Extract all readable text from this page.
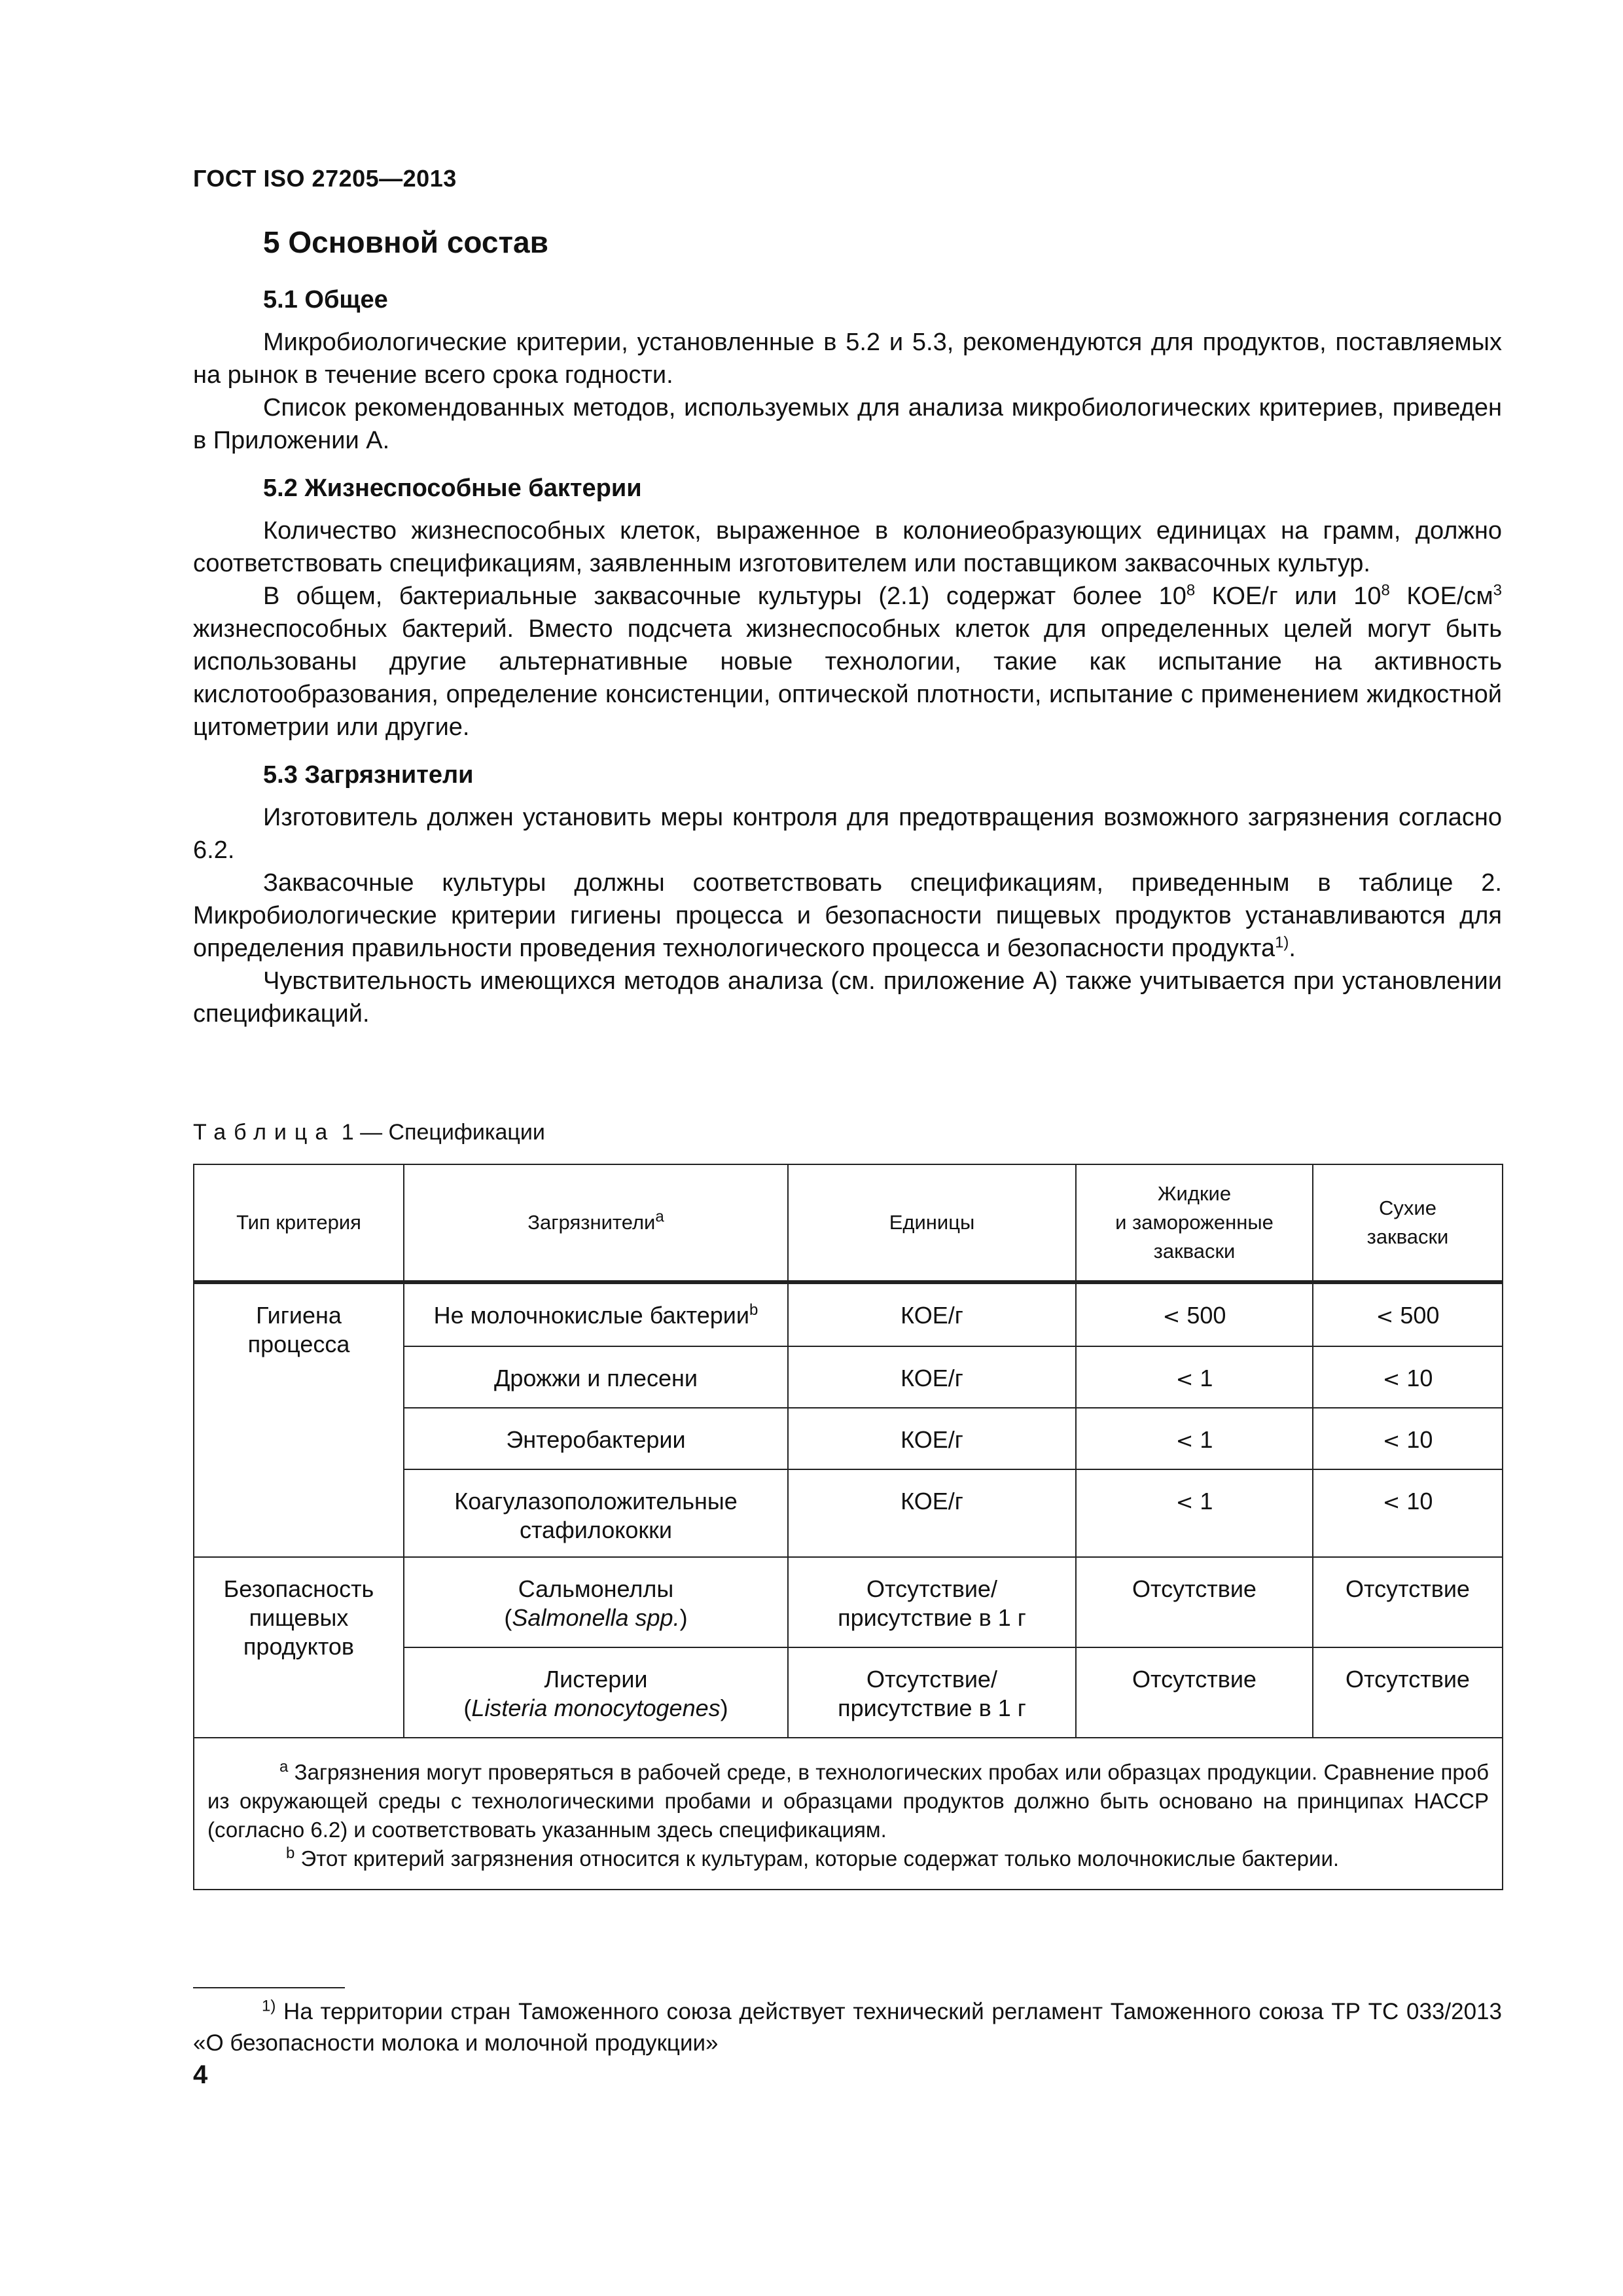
ГОСТ ISO 27205—2013
5 Основной состав
5.1 Общее

Микробиологические критерии, установленные в 5.2 и 5.3, рекомендуются для продуктов, поставляемых на рынок в течение всего срока годности.

Список рекомендованных методов, используемых для анализа микробиологических критериев, приведен в Приложении А.

5.2 Жизнеспособные бактерии

Количество жизнеспособных клеток, выраженное в колониеобразующих единицах на грамм, должно соответствовать спецификациям, заявленным изготовителем или поставщиком заквасочных культур.

В общем, бактериальные заквасочные культуры (2.1) содержат более $10^8$ КОЕ/г или $10^8$ КОЕ/$см^3$ жизнеспособных бактерий. Вместо подсчета жизнеспособных клеток для определенных целей могут быть использованы другие альтернативные новые технологии, такие как испытание на активность кислотообразования, определение консистенции, оптической плотности, испытание с применением жидкостной цитометрии или другие.

5.3 Загрязнители

Изготовитель должен установить меры контроля для предотвращения возможного загрязнения согласно 6.2.

Заквасочные культуры должны соответствовать спецификациям, приведенным в таблице 2. Микробиологические критерии гигиены процесса и безопасности пищевых продуктов устанавливаются для определения правильности проведения технологического процесса и безопасности продукта$^{1)}$.

Чувствительность имеющихся методов анализа (см. приложение А) также учитывается при установлении спецификаций.

Таблица 1 — Спецификации
Тип критерия	Загрязнители$^a$	Единицы	Жидкие
и замороженные
закваски	Сухие
закваски
Гигиена
процесса	Не молочнокислые бактерии$^b$	КОЕ/г	< 500	< 500
	Дрожжи и плесени	КОЕ/г	< 1	< 10
	Энтеробактерии	КОЕ/г	< 1	< 10
	Коагулазоположительные
стафилококки	КОЕ/г	< 1	< 10
Безопасность
пищевых
продуктов	Сальмонеллы
(Salmonella spp.)	Отсутствие/
присутствие в 1 г	Отсутствие	Отсутствие
	Листерии
(Listeria monocytogenes)	Отсутствие/
присутствие в 1 г	Отсутствие	Отсутствие

$^a$ Загрязнения могут проверяться в рабочей среде, в технологических пробах или образцах продукции. Сравнение проб из окружающей среды с технологическими пробами и образцами продуктов должно быть основано на принципах НАССР (согласно 6.2) и соответствовать указанным здесь спецификациям.
$^b$ Этот критерий загрязнения относится к культурам, которые содержат только молочнокислые бактерии.				
$^{1)}$ На территории стран Таможенного союза действует технический регламент Таможенного союза ТР ТС 033/2013 «О безопасности молока и молочной продукции»
4
